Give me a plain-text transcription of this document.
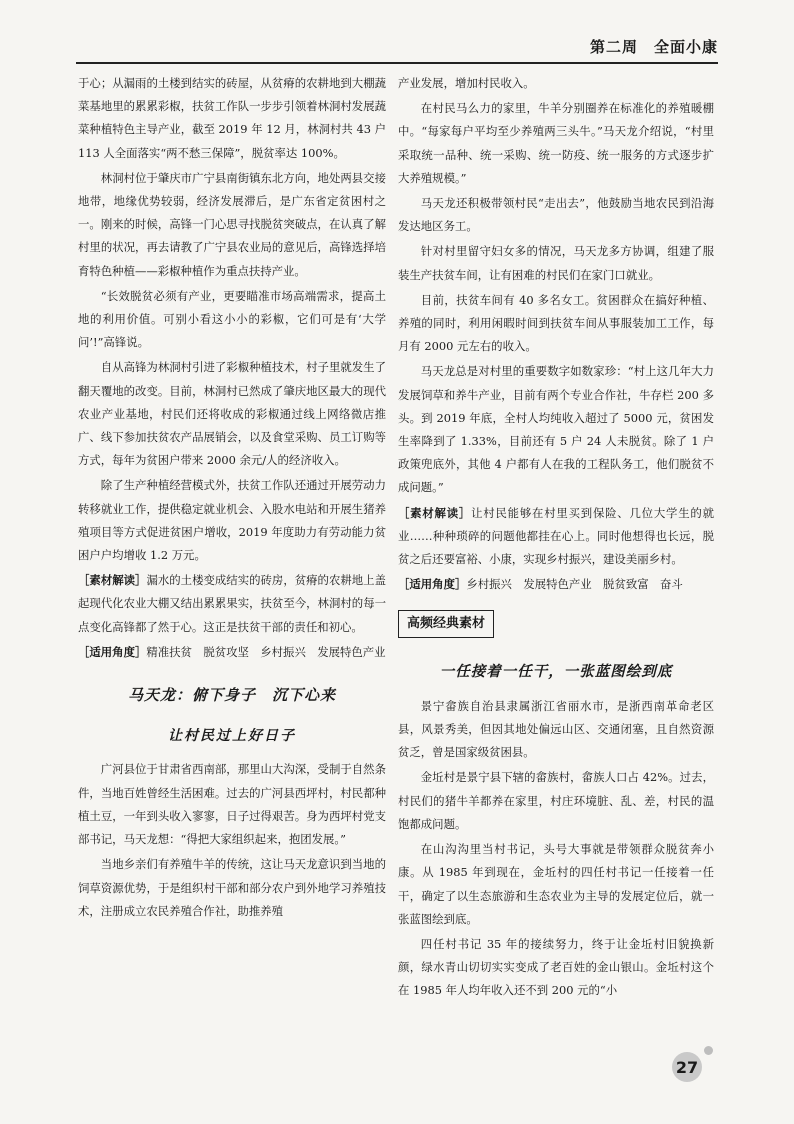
第二周　全面小康

于心；从漏雨的土楼到结实的砖屋，从贫瘠的农耕地到大棚蔬菜基地里的累累彩椒，扶贫工作队一步步引领着林洞村发展蔬菜种植特色主导产业，截至 2019 年 12 月，林洞村共 43 户 113 人全面落实“两不愁三保障”，脱贫率达 100%。

林洞村位于肇庆市广宁县南街镇东北方向，地处两县交接地带，地缘优势较弱，经济发展滞后，是广东省定贫困村之一。刚来的时候，高锋一门心思寻找脱贫突破点，在认真了解村里的状况，再去请教了广宁县农业局的意见后，高锋选择培育特色种植——彩椒种植作为重点扶持产业。

“长效脱贫必须有产业，更要瞄准市场高端需求，提高土地的利用价值。可别小看这小小的彩椒，它们可是有‘大学问’!”高锋说。

自从高锋为林洞村引进了彩椒种植技术，村子里就发生了翻天覆地的改变。目前，林洞村已然成了肇庆地区最大的现代农业产业基地，村民们还将收成的彩椒通过线上网络微店推广、线下参加扶贫农产品展销会，以及食堂采购、员工订购等方式，每年为贫困户带来 2000 余元/人的经济收入。

除了生产种植经营模式外，扶贫工作队还通过开展劳动力转移就业工作，提供稳定就业机会、入股水电站和开展生猪养殖项目等方式促进贫困户增收，2019 年度助力有劳动能力贫困户户均增收 1.2 万元。

［素材解读］漏水的土楼变成结实的砖房，贫瘠的农耕地上盖起现代化农业大棚又结出累累果实，扶贫至今，林洞村的每一点变化高锋都了然于心。这正是扶贫干部的责任和初心。

［适用角度］精准扶贫　脱贫攻坚　乡村振兴　发展特色产业

马天龙：俯下身子　沉下心来
让村民过上好日子

广河县位于甘肃省西南部，那里山大沟深，受制于自然条件，当地百姓曾经生活困难。过去的广河县西坪村，村民都种植土豆，一年到头收入寥寥，日子过得艰苦。身为西坪村党支部书记，马天龙想：“得把大家组织起来，抱团发展。”

当地乡亲们有养殖牛羊的传统，这让马天龙意识到当地的饲草资源优势，于是组织村干部和部分农户到外地学习养殖技术，注册成立农民养殖合作社，助推养殖

产业发展，增加村民收入。

在村民马么力的家里，牛羊分别圈养在标准化的养殖暖棚中。“每家每户平均至少养殖两三头牛。”马天龙介绍说，“村里采取统一品种、统一采购、统一防疫、统一服务的方式逐步扩大养殖规模。”

马天龙还积极带领村民“走出去”，他鼓励当地农民到沿海发达地区务工。

针对村里留守妇女多的情况，马天龙多方协调，组建了服装生产扶贫车间，让有困难的村民们在家门口就业。

目前，扶贫车间有 40 多名女工。贫困群众在搞好种植、养殖的同时，利用闲暇时间到扶贫车间从事服装加工工作，每月有 2000 元左右的收入。

马天龙总是对村里的重要数字如数家珍：“村上这几年大力发展饲草和养牛产业，目前有两个专业合作社，牛存栏 200 多头。到 2019 年底，全村人均纯收入超过了 5000 元，贫困发生率降到了 1.33%，目前还有 5 户 24 人未脱贫。除了 1 户政策兜底外，其他 4 户都有人在我的工程队务工，他们脱贫不成问题。”

［素材解读］让村民能够在村里买到保险、几位大学生的就业……种种琐碎的问题他都挂在心上。同时他想得也长远，脱贫之后还要富裕、小康，实现乡村振兴，建设美丽乡村。

［适用角度］乡村振兴　发展特色产业　脱贫致富　奋斗

高频经典素材
一任接着一任干，一张蓝图绘到底

景宁畲族自治县隶属浙江省丽水市，是浙西南革命老区县，风景秀美，但因其地处偏远山区、交通闭塞，且自然资源贫乏，曾是国家级贫困县。

金坵村是景宁县下辖的畲族村，畲族人口占 42%。过去，村民们的猪牛羊都养在家里，村庄环境脏、乱、差，村民的温饱都成问题。

在山沟沟里当村书记，头号大事就是带领群众脱贫奔小康。从 1985 年到现在，金坵村的四任村书记一任接着一任干，确定了以生态旅游和生态农业为主导的发展定位后，就一张蓝图绘到底。

四任村书记 35 年的接续努力，终于让金坵村旧貌换新颜，绿水青山切切实实变成了老百姓的金山银山。金坵村这个在 1985 年人均年收入还不到 200 元的“小

27
